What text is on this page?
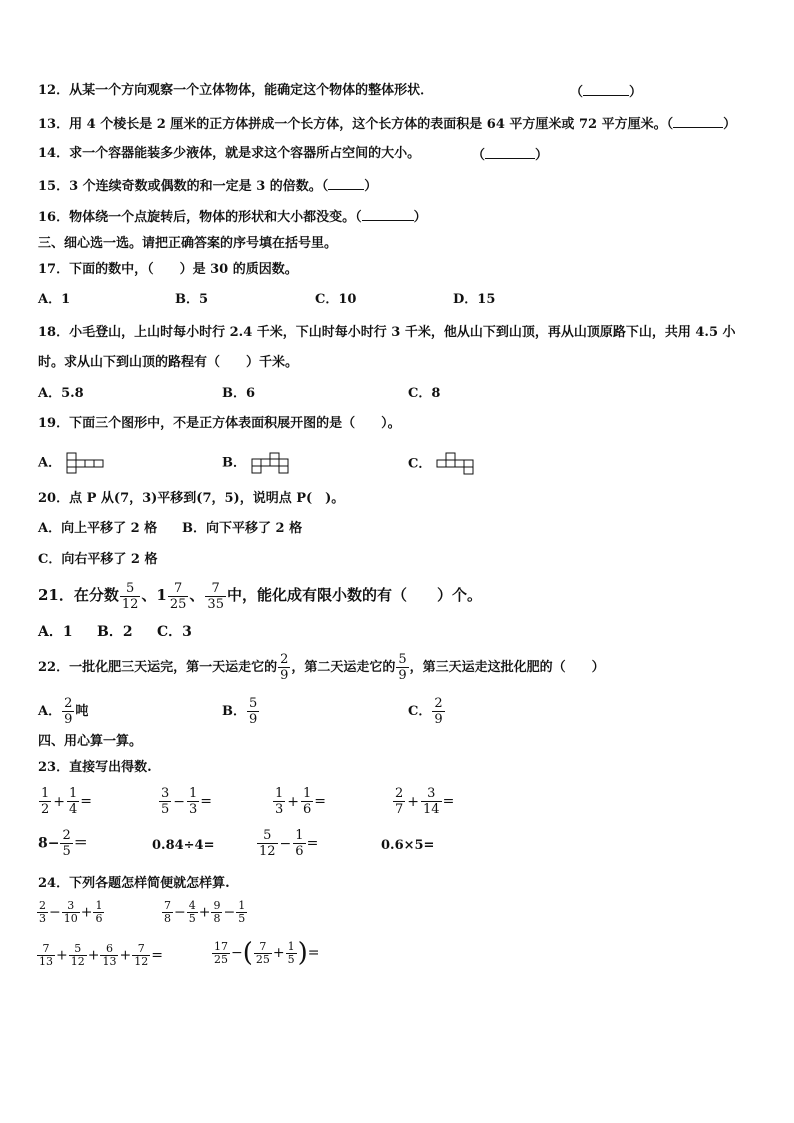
12．从某一个方向观察一个立体物体，能确定这个物体的整体形状．	（	）
13．用 4 个棱长是 2 厘米的正方体拼成一个长方体，这个长方体的表面积是 64 平方厘米或 72 平方厘米。（	）
14．求一个容器能装多少液体，就是求这个容器所占空间的大小。	（	）
15．3 个连续奇数或偶数的和一定是 3 的倍数。（	）
16．物体绕一个点旋转后，物体的形状和大小都没变。（	）
三、细心选一选。请把正确答案的序号填在括号里。
17．下面的数中，（　　）是 30 的质因数。
A．1	B．5	C．10	D．15
18．小毛登山，上山时每小时行 2.4 千米，下山时每小时行 3 千米，他从山下到山顶，再从山顶原路下山，共用 4.5 小
时。求从山下到山顶的路程有（　　）千米。
A．5.8	B．6	C．8
19．下面三个图形中，不是正方体表面积展开图的是（　　）。
A．	B．	C．
20．点 P 从(7，3)平移到(7，5)，说明点 P(　)。
A．向上平移了 2 格 B．向下平移了 2 格
C．向右平移了 2 格
21．在分数 $\frac{5}{12}$ 、$1 \frac{7}{25}$ 、 $\frac{7}{35}$ 中，能化成有限小数的有（　　）个。
A．1 B．2 C．3
22．一批化肥三天运完，第一天运走它的 $\frac{2}{9}$ ，第二天运走它的 $\frac{5}{9}$ ，第三天运走这批化肥的（　　）
A． $\frac{2}{9}$ 吨	B． $\frac{5}{9}$	C． $\frac{2}{9}$
四、用心算一算。
23．直接写出得数.
$\frac{1}{2} + \frac{1}{4}$ =	$\frac{3}{5} - \frac{1}{3}$ =	$\frac{1}{3} + \frac{1}{6}$ =	$\frac{2}{7} + \frac{3}{14}$ =
$8- \frac{2}{5}$ ＝	0.84÷4=	$\frac{5}{12} - \frac{1}{6}$ =	0.6×5=
24．下列各题怎样简便就怎样算.
$\frac{2}{3} - \frac{3}{10} + \frac{1}{6}$	$\frac{7}{8} - \frac{4}{5} + \frac{9}{8} - \frac{1}{5}$
$\frac{7}{13} + \frac{5}{12} + \frac{6}{13} + \frac{7}{12}$ =	$\frac{17}{25}$ −( $\frac{7}{25} + \frac{1}{5}$ )=
